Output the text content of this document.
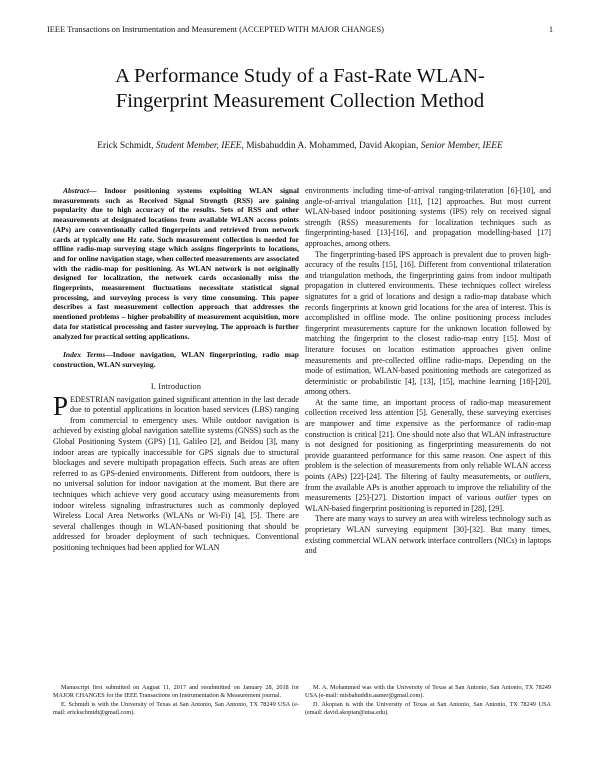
IEEE Transactions on Instrumentation and Measurement (ACCEPTED WITH MAJOR CHANGES)	1
A Performance Study of a Fast-Rate WLAN-
Fingerprint Measurement Collection Method

Erick Schmidt, Student Member, IEEE, Misbahuddin A. Mohammed, David Akopian, Senior Member, IEEE

Abstract— Indoor positioning systems exploiting WLAN signal measurements such as Received Signal Strength (RSS) are gaining popularity due to high accuracy of the results. Sets of RSS and other measurements at designated locations from available WLAN access points (APs) are conventionally called fingerprints and retrieved from network cards at typically one Hz rate. Such measurement collection is needed for offline radio-map surveying stage which assigns fingerprints to locations, and for online navigation stage, when collected measurements are associated with the radio-map for positioning. As WLAN network is not originally designed for localization, the network cards occasionally miss the fingerprints, measurement fluctuations necessitate statistical signal processing, and surveying process is very time consuming. This paper describes a fast measurement collection approach that addresses the mentioned problems – higher probability of measurement acquisition, more data for statistical processing and faster surveying. The approach is further analyzed for practical setting applications.

Index Terms—Indoor navigation, WLAN fingerprinting, radio map construction, WLAN surveying.

I. Introduction

PEDESTRIAN navigation gained significant attention in the last decade due to potential applications in location based services (LBS) ranging from commercial to emergency uses. While outdoor navigation is achieved by existing global navigation satellite systems (GNSS) such as the Global Positioning System (GPS) [1], Galileo [2], and Beidou [3], many indoor areas are typically inaccessible for GPS signals due to structural blockages and severe multipath propagation effects. Such areas are often referred to as GPS-denied environments. Different from outdoors, there is no universal solution for indoor navigation at the moment. But there are techniques which achieve very good accuracy using measurements from indoor wireless signaling infrastructures such as commonly deployed Wireless Local Area Networks (WLANs or Wi-Fi) [4], [5]. There are several challenges though in WLAN-based positioning that should be addressed for broader deployment of such techniques. Conventional positioning techniques had been applied for WLAN

environments including time-of-arrival ranging-trilateration [6]-[10], and angle-of-arrival triangulation [11], [12] approaches. But most current WLAN-based indoor positioning systems (IPS) rely on received signal strength (RSS) measurements for localization techniques such as fingerprinting-based [13]-[16], and propagation modelling-based [17] approaches, among others.

The fingerprinting-based IPS approach is prevalent due to proven high-accuracy of the results [15], [16]. Different from conventional trilateration and triangulation methods, the fingerprinting gains from indoor multipath propagation in cluttered environments. These techniques collect wireless signatures for a grid of locations and design a radio-map database which records fingerprints at known grid locations for the area of interest. This is accomplished in offline mode. The online positioning process includes fingerprint measurements capture for the unknown location followed by matching the fingerprint to the closest radio-map entry [15]. Most of literature focuses on location estimation approaches given online measurements and pre-collected offline radio-maps. Depending on the mode of estimation, WLAN-based positioning methods are categorized as deterministic or probabilistic [4], [13], [15], machine learning [18]-[20], among others.

At the same time, an important process of radio-map measurement collection received less attention [5]. Generally, these surveying exercises are manpower and time expensive as the performance of radio-map construction is critical [21]. One should note also that WLAN infrastructure is not designed for positioning as fingerprinting measurements do not provide guaranteed performance for this same reason. One aspect of this problem is the selection of measurements from only reliable WLAN access points (APs) [22]-[24]. The filtering of faulty measurements, or outliers, from the available APs is another approach to improve the reliability of the measurements [25]-[27]. Distortion impact of various outlier types on WLAN-based fingerprint positioning is reported in [28], [29].

There are many ways to survey an area with wireless technology such as proprietary WLAN surveying equipment [30]-[32]. But many times, existing commercial WLAN network interface controllers (NICs) in laptops and

Manuscript first submitted on August 11, 2017 and resubmitted on January 28, 2018 for MAJOR CHANGES for the IEEE Transactions on Instrumentation & Measurement journal.

E. Schmidt is with the University of Texas at San Antonio, San Antonio, TX 78249 USA (e-mail: erickschmidt@gmail.com).

M. A. Mohammed was with the University of Texas at San Antonio, San Antonio, TX 78249 USA (e-mail: misbahuddin.aamer@gmail.com).

D. Akopian is with the University of Texas at San Antonio, San Antonio, TX 78249 USA (email: david.akopian@utsa.edu).
